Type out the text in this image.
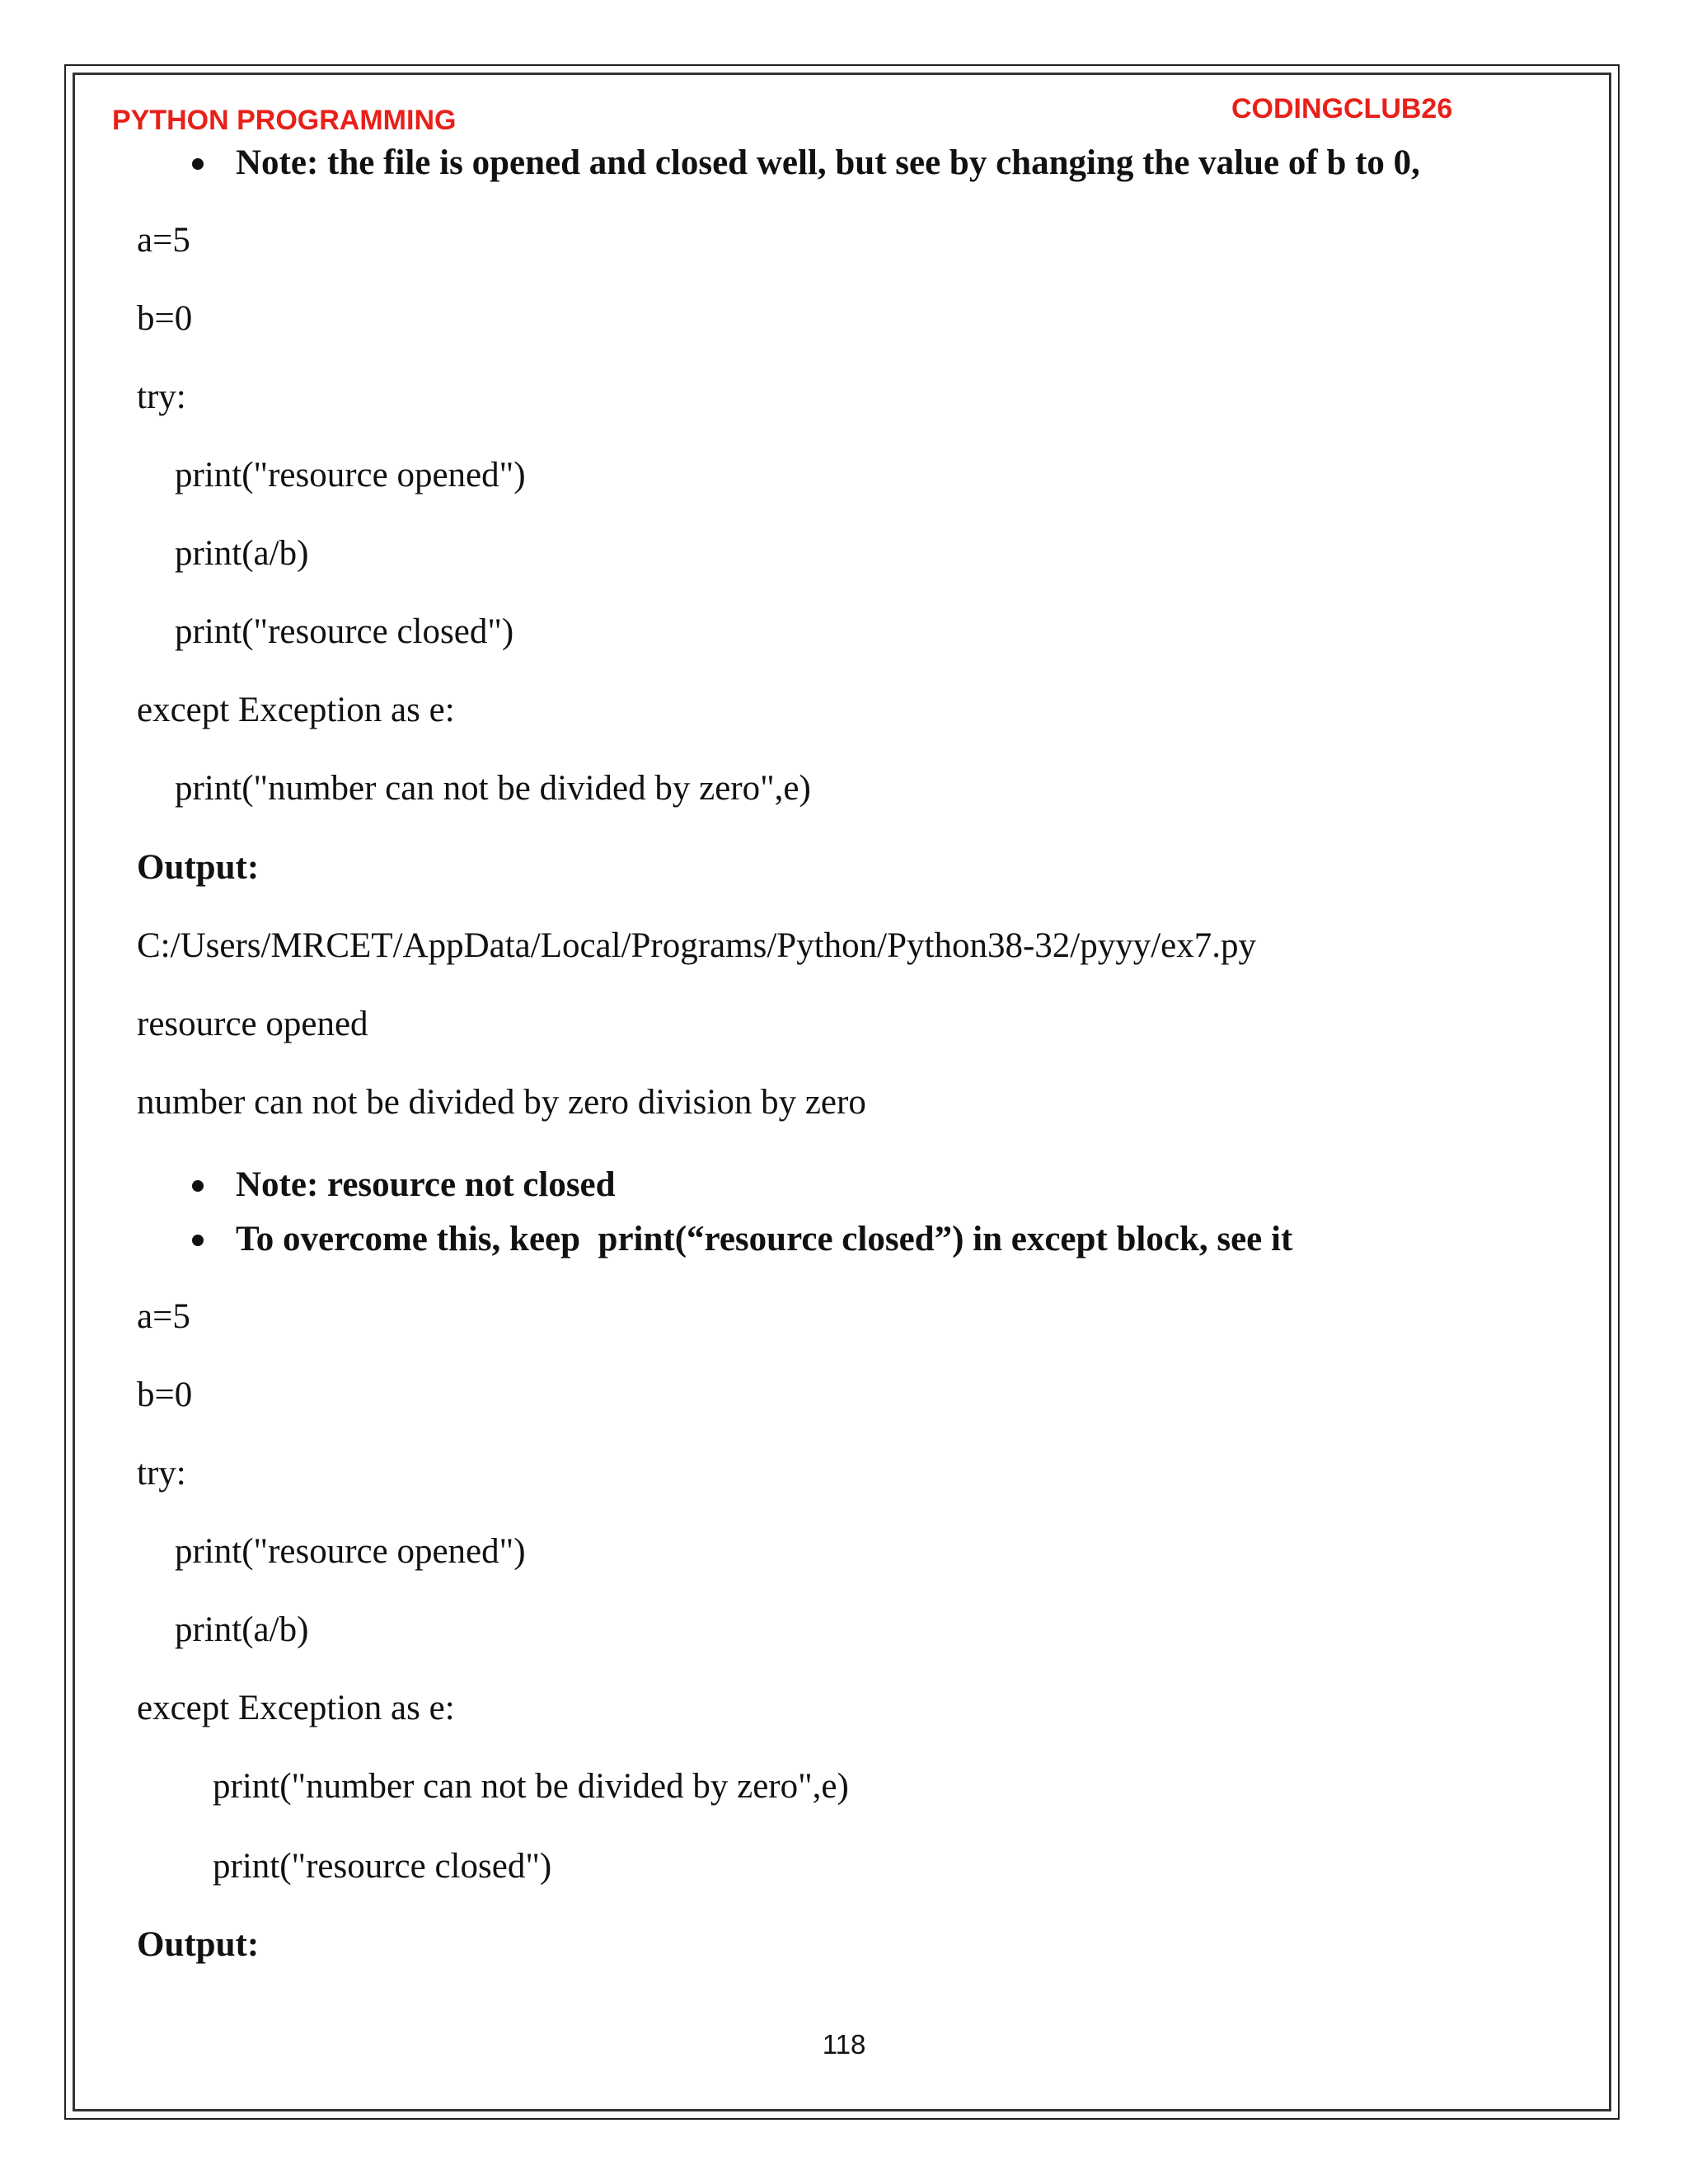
PYTHON PROGRAMMING	CODINGCLUB26
Note: the file is opened and closed well, but see by changing the value of b to 0,
a=5
b=0
try:
print("resource opened")
print(a/b)
print("resource closed")
except Exception as e:
print("number can not be divided by zero",e)
Output:
C:/Users/MRCET/AppData/Local/Programs/Python/Python38-32/pyyy/ex7.py
resource opened
number can not be divided by zero division by zero
Note: resource not closed
To overcome this, keep  print(“resource closed”) in except block, see it
a=5
b=0
try:
print("resource opened")
print(a/b)
except Exception as e:
print("number can not be divided by zero",e)
print("resource closed")
Output:
118
